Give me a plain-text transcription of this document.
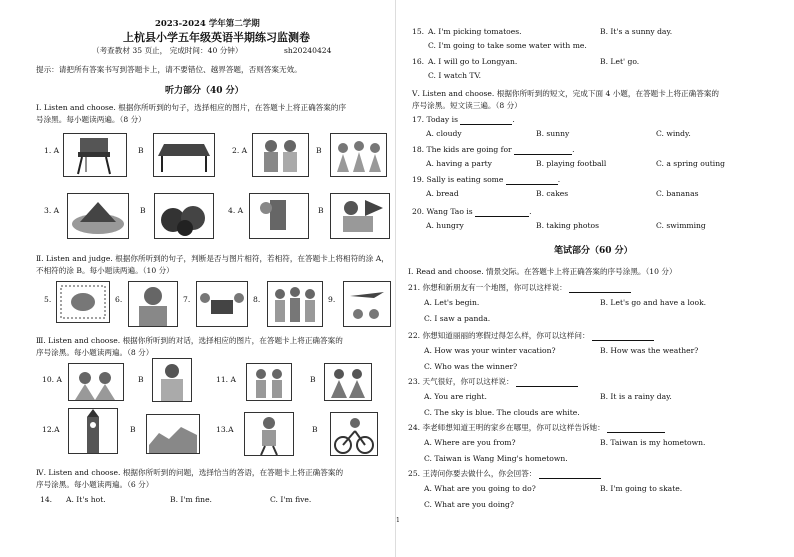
2023-2024 学年第二学期
上杭县小学五年级英语半期练习监测卷
（考查教材 35 页止， 完成时间：40 分钟）	sh20240424
提示：请把所有答案书写到答题卡上，请不要错位、越界答题，否则答案无效。
听力部分（40 分）
Ⅰ. Listen and choose. 根据你所听到的句子，选择相应的图片，在答题卡上将正确答案的序
号涂黑。每小题读两遍。（8 分）
1. A	B	2. A	B
3. A	B	4. A	B
Ⅱ. Listen and judge. 根据你所听到的句子，判断是否与图片相符，若相符，在答题卡上将相符的涂 A，
不相符的涂 B。每小题读两遍。（10 分）
5.	6.	7.	8.	9.
Ⅲ. Listen and choose. 根据你所听到的对话，选择相应的图片，在答题卡上将正确答案的
序号涂黑。每小题读两遍。（8 分）
10. A	B	11. A	B
12.A	B	13.A	B
Ⅳ. Listen and choose. 根据你所听到的问题，选择恰当的答语，在答题卡上将正确答案的
序号涂黑。每小题读两遍。（6 分）
14. A. It's hot.	B. I'm fine.	C. I'm five.
15. A. I'm picking tomatoes.	B. It's a sunny day.
C. I'm going to take some water with me.
16. A. I will go to Longyan.	B. Let' go.
C. I watch TV.
Ⅴ. Listen and choose. 根据你所听到的短文，完成下面 4 小题，在答题卡上将正确答案的
序号涂黑。短文读三遍。（8 分）
17. Today is	.
A. cloudy	B. sunny	C. windy.
18. The kids are going for	.
A. having a party	B. playing football	C. a spring outing
19. Sally is eating some	.
A. bread	B. cakes	C. bananas
20. Wang Tao is	.
A. hungry	B. taking photos	C. swimming
笔试部分（60 分）
Ⅰ. Read and choose. 情景交际。在答题卡上将正确答案的序号涂黑。（10 分）
21. 你想和新朋友有一个地图，你可以这样说：
A. Let's begin.	B. Let's go and have a look.
C. I saw a panda.
22. 你想知道丽丽的寒假过得怎么样，你可以这样问：
A. How was your winter vacation?	B. How was the weather?
C. Who was the winner?
23. 天气很好，你可以这样说：
A. You are right.	B. It is a rainy day.
C. The sky is blue. The clouds are white.
24. 李老师想知道王明的家乡在哪里，你可以这样告诉她：
A. Where are you from?	B. Taiwan is my hometown.
C. Taiwan is Wang Ming's hometown.
25. 王涛问你要去做什么，你会回答：
A. What are you going to do?	B. I'm going to skate.
C. What are you doing?
1
